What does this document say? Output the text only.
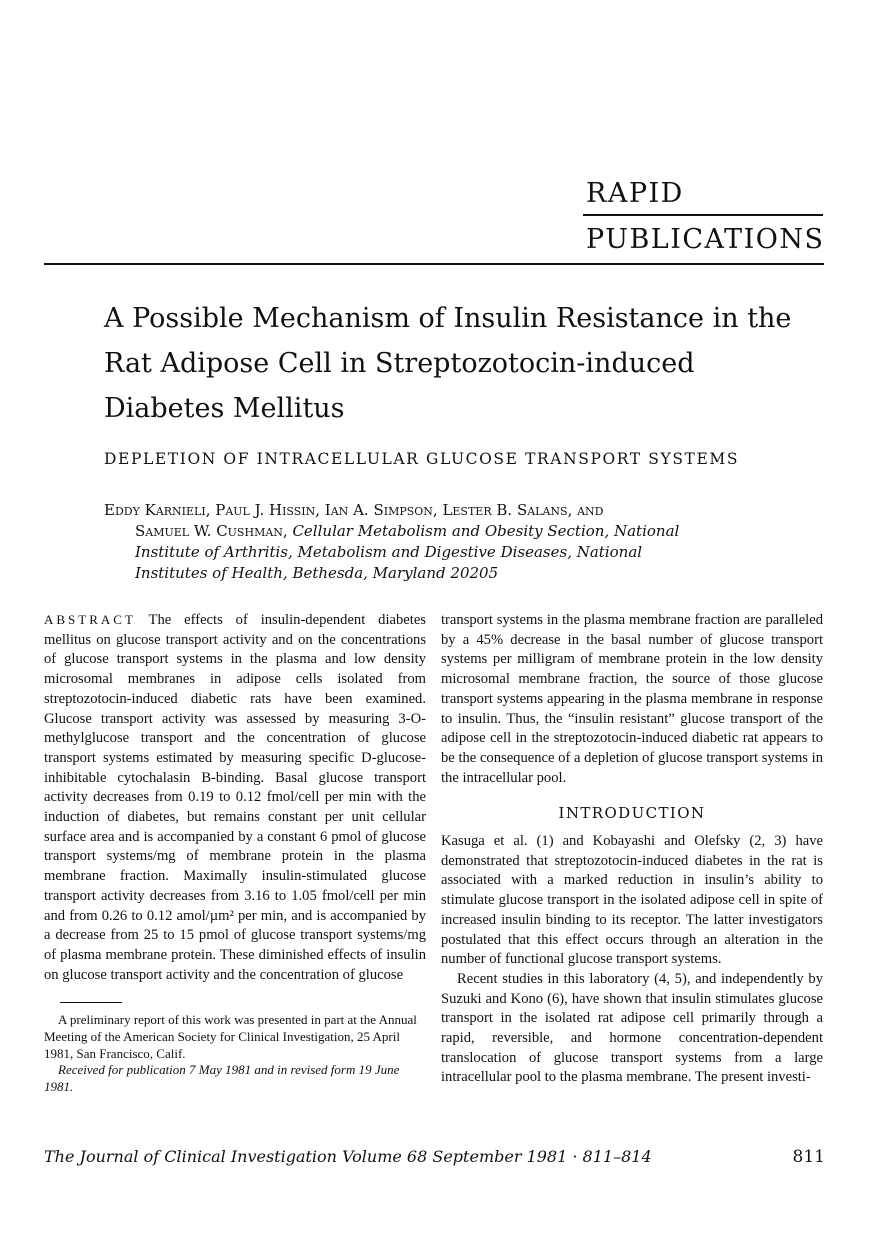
RAPID
PUBLICATIONS
A Possible Mechanism of Insulin Resistance in the Rat Adipose Cell in Streptozotocin-induced Diabetes Mellitus
DEPLETION OF INTRACELLULAR GLUCOSE TRANSPORT SYSTEMS
Eddy Karnieli, Paul J. Hissin, Ian A. Simpson, Lester B. Salans, and
Samuel W. Cushman, Cellular Metabolism and Obesity Section, National Institute of Arthritis, Metabolism and Digestive Diseases, National Institutes of Health, Bethesda, Maryland 20205

ABSTRACT The effects of insulin-dependent diabetes mellitus on glucose transport activity and on the concentrations of glucose transport systems in the plasma and low density microsomal membranes in adipose cells isolated from streptozotocin-induced diabetic rats have been examined. Glucose transport activity was assessed by measuring 3-O-methylglucose transport and the concentration of glucose transport systems estimated by measuring specific D-glucose-inhibitable cytochalasin B-binding. Basal glucose transport activity decreases from 0.19 to 0.12 fmol/cell per min with the induction of diabetes, but remains constant per unit cellular surface area and is accompanied by a constant 6 pmol of glucose transport systems/mg of membrane protein in the plasma membrane fraction. Maximally insulin-stimulated glucose transport activity decreases from 3.16 to 1.05 fmol/cell per min and from 0.26 to 0.12 amol/µm² per min, and is accompanied by a decrease from 25 to 15 pmol of glucose transport systems/mg of plasma membrane protein. These diminished effects of insulin on glucose transport activity and the concentration of glucose

transport systems in the plasma membrane fraction are paralleled by a 45% decrease in the basal number of glucose transport systems per milligram of membrane protein in the low density microsomal membrane fraction, the source of those glucose transport systems appearing in the plasma membrane in response to insulin. Thus, the “insulin resistant” glucose transport of the adipose cell in the streptozotocin-induced diabetic rat appears to be the consequence of a depletion of glucose transport systems in the intracellular pool.

INTRODUCTION

Kasuga et al. (1) and Kobayashi and Olefsky (2, 3) have demonstrated that streptozotocin-induced diabetes in the rat is associated with a marked reduction in insulin’s ability to stimulate glucose transport in the isolated adipose cell in spite of increased insulin binding to its receptor. The latter investigators postulated that this effect occurs through an alteration in the number of functional glucose transport systems.

Recent studies in this laboratory (4, 5), and independently by Suzuki and Kono (6), have shown that insulin stimulates glucose transport in the isolated rat adipose cell primarily through a rapid, reversible, and hormone concentration-dependent translocation of glucose transport systems from a large intracellular pool to the plasma membrane. The present investi-

A preliminary report of this work was presented in part at the Annual Meeting of the American Society for Clinical Investigation, 25 April 1981, San Francisco, Calif.

Received for publication 7 May 1981 and in revised form 19 June 1981.

The Journal of Clinical Investigation Volume 68 September 1981 · 811–814	811
